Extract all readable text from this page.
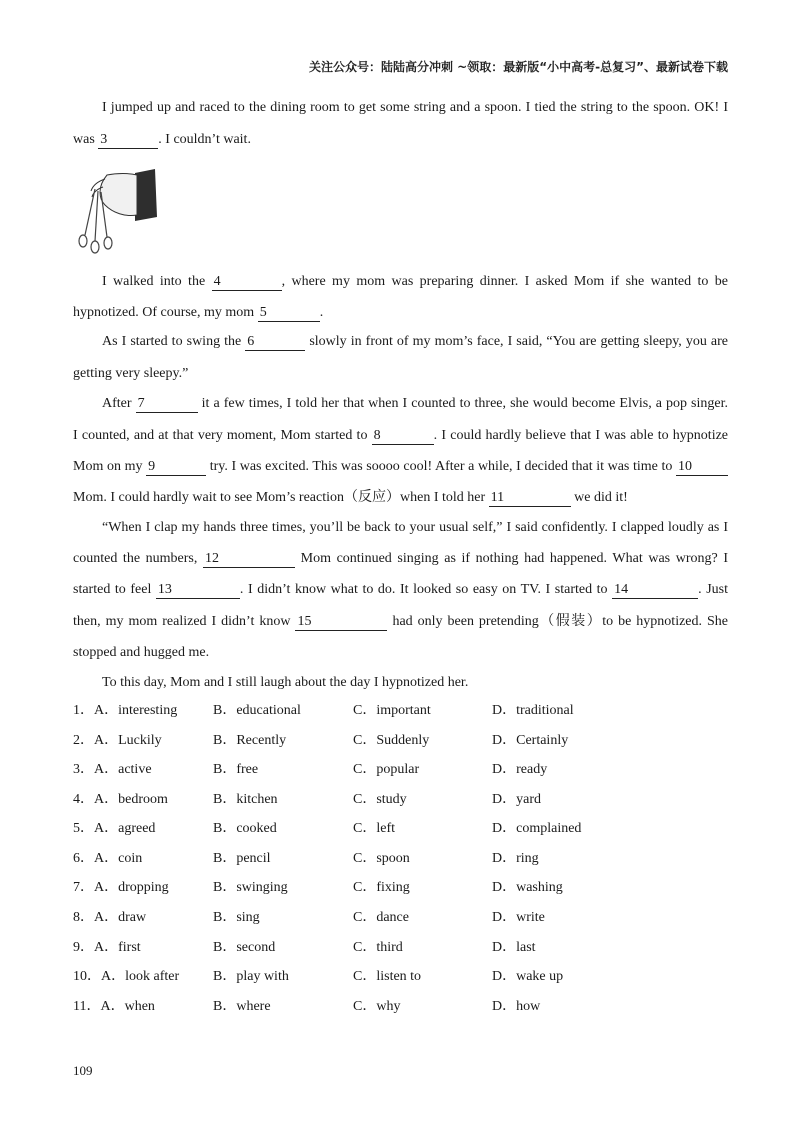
关注公众号：陆陆高分冲刺 ~领取：最新版“小中高考-总复习”、最新试卷下载
I jumped up and raced to the dining room to get some string and a spoon. I tied the string to the spoon. OK! I
was 3	. I couldn’t wait.
I walked into the 4	, where my mom was preparing dinner. I asked Mom if she wanted to be
hypnotized. Of course, my mom 5	.
As I started to swing the 6	slowly in front of my mom’s face, I said, “You are getting sleepy, you are
getting very sleepy.”
After 7	it a few times, I told her that when I counted to three, she would become Elvis, a pop singer.
I counted, and at that very moment, Mom started to 8	. I could hardly believe that I was able to hypnotize
Mom on my 9	try. I was excited. This was soooo cool! After a while, I decided that it was time to 10
Mom. I could hardly wait to see Mom’s reaction（反应）when I told her 11	we did it!
“When I clap my hands three times, you’ll be back to your usual self,” I said confidently. I clapped loudly as I
counted the numbers, 12	Mom continued singing as if nothing had happened. What was wrong? I
started to feel 13	. I didn’t know what to do. It looked so easy on TV. I started to 14	. Just
then, my mom realized I didn’t know 15	had only been pretending（假装）to be hypnotized. She
stopped and hugged me.
To this day, Mom and I still laugh about the day I hypnotized her.
1．A．interesting	B．educational	C．important	D．traditional
2．A．Luckily	B．Recently	C．Suddenly	D．Certainly
3．A．active	B．free	C．popular	D．ready
4．A．bedroom	B．kitchen	C．study	D．yard
5．A．agreed	B．cooked	C．left	D．complained
6．A．coin	B．pencil	C．spoon	D．ring
7．A．dropping	B．swinging	C．fixing	D．washing
8．A．draw	B．sing	C．dance	D．write
9．A．first	B．second	C．third	D．last
10．A．look after B．play with	C．listen to	D．wake up
11．A．when	B．where	C．why	D．how
109
